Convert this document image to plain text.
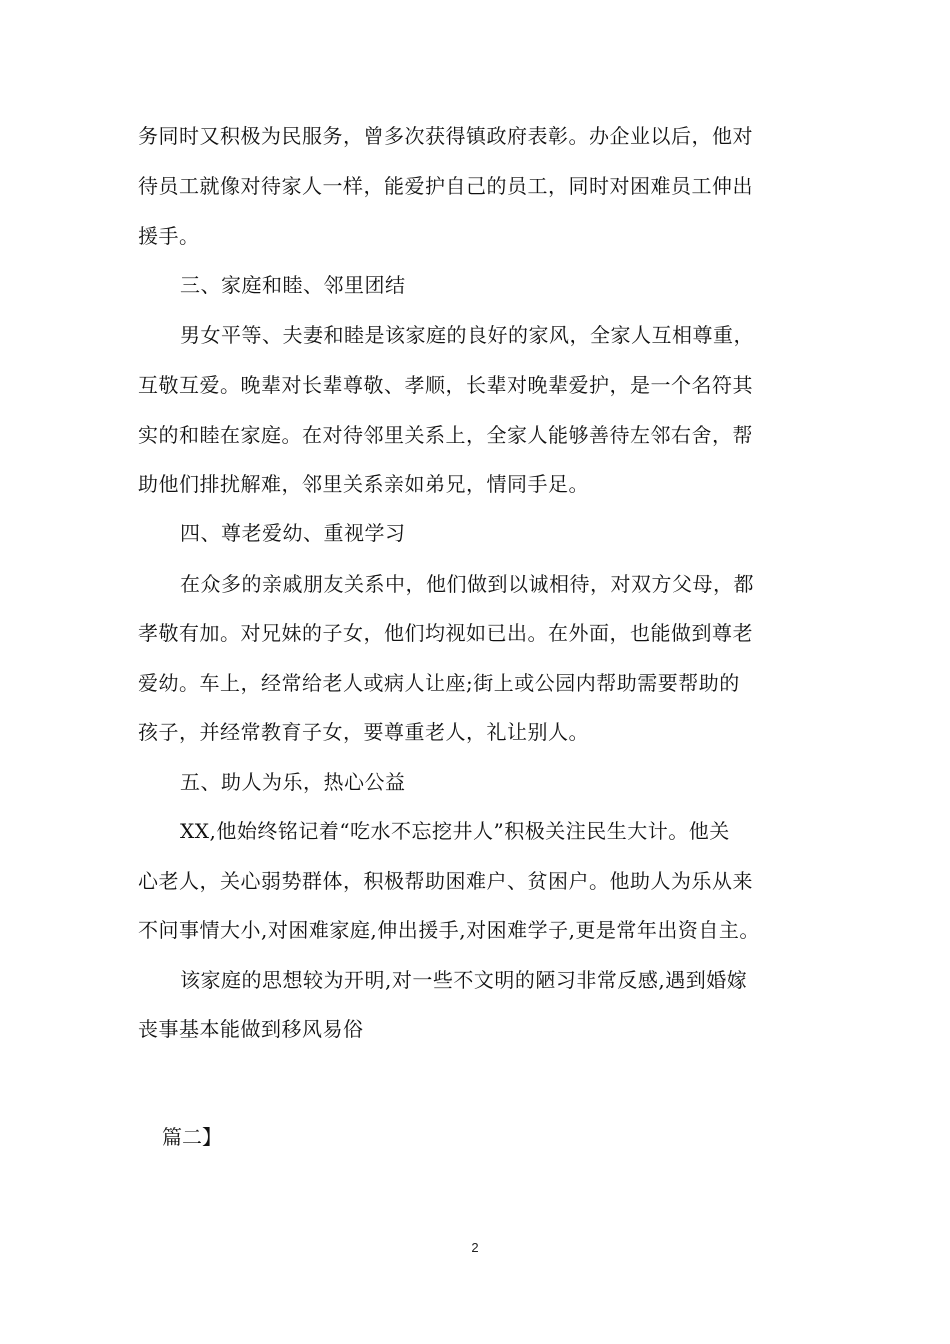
务同时又积极为民服务，曾多次获得镇政府表彰。办企业以后，他对
待员工就像对待家人一样，能爱护自己的员工，同时对困难员工伸出
援手。
三、家庭和睦、邻里团结
男女平等、夫妻和睦是该家庭的良好的家风，全家人互相尊重，
互敬互爱。晚辈对长辈尊敬、孝顺，长辈对晚辈爱护，是一个名符其
实的和睦在家庭。在对待邻里关系上，全家人能够善待左邻右舍，帮
助他们排扰解难，邻里关系亲如弟兄，情同手足。
四、尊老爱幼、重视学习
在众多的亲戚朋友关系中，他们做到以诚相待，对双方父母，都
孝敬有加。对兄妹的子女，他们均视如已出。在外面，也能做到尊老
爱幼。车上，经常给老人或病人让座;街上或公园内帮助需要帮助的
孩子，并经常教育子女，要尊重老人，礼让别人。
五、助人为乐，热心公益
XX,他始终铭记着“吃水不忘挖井人”积极关注民生大计。他关
心老人，关心弱势群体，积极帮助困难户、贫困户。他助人为乐从来
不问事情大小,对困难家庭,伸出援手,对困难学子,更是常年出资自主。
该家庭的思想较为开明,对一些不文明的陋习非常反感,遇到婚嫁
丧事基本能做到移风易俗
篇二】
2
